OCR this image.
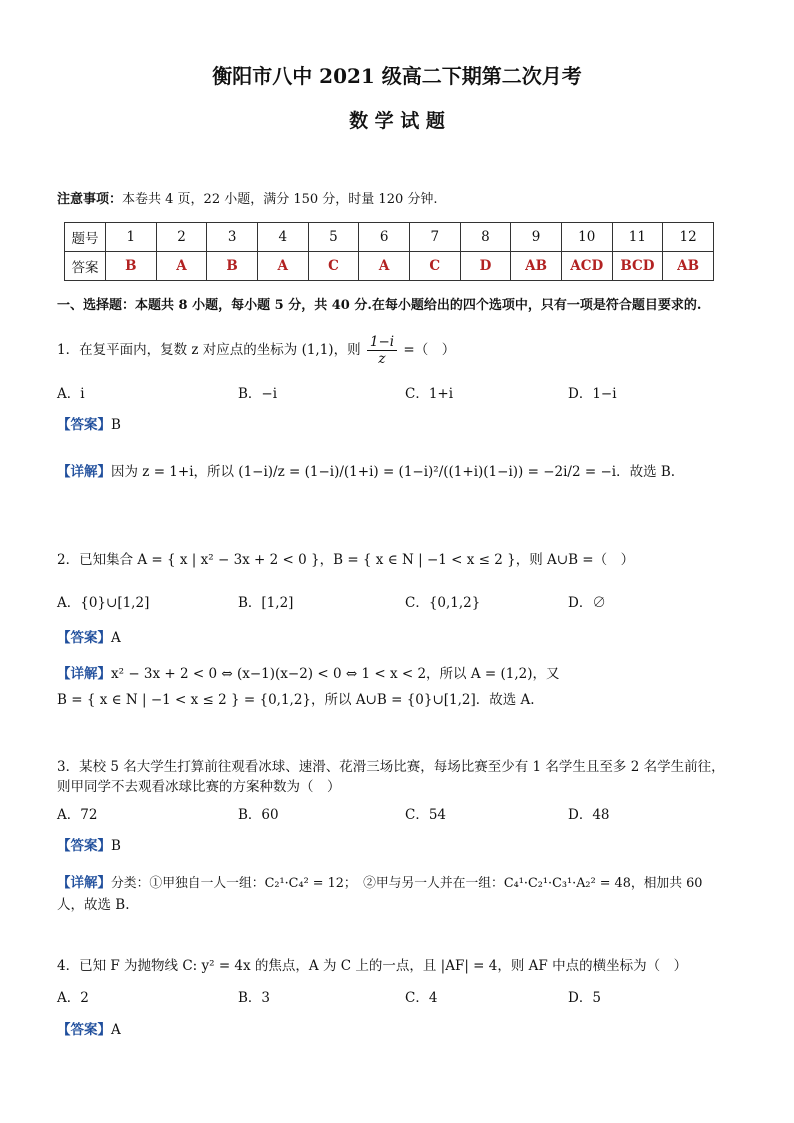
衡阳市八中 2021 级高二下期第二次月考
数 学 试 题
注意事项：本卷共 4 页，22 小题，满分 150 分，时量 120 分钟.
题号	1	2	3	4	5	6	7	8	9	10	11	12
答案	B	A	B	A	C	A	C	D	AB	ACD	BCD	AB
一、选择题：本题共 8 小题，每小题 5 分，共 40 分.在每小题给出的四个选项中，只有一项是符合题目要求的.
1．在复平面内，复数 z 对应点的坐标为 (1,1)，则 $\frac{1-i}{z}$ =（　）
A．i	B．−i	C．1+i	D．1−i
【答案】B
【详解】因为 z = 1+i，所以 (1−i)/z = (1−i)/(1+i) = (1−i)²/((1+i)(1−i)) = −2i/2 = −i．故选 B.
2．已知集合 A = { x | x² − 3x + 2 < 0 }，B = { x ∈ N | −1 < x ≤ 2 }，则 A∪B =（　）
A．{0}∪[1,2]	B．[1,2]	C．{0,1,2}	D．∅
【答案】A
【详解】x² − 3x + 2 < 0 ⇔ (x−1)(x−2) < 0 ⇔ 1 < x < 2，所以 A = (1,2)，又
B = { x ∈ N | −1 < x ≤ 2 } = {0,1,2}，所以 A∪B = {0}∪[1,2]．故选 A.
3．某校 5 名大学生打算前往观看冰球、速滑、花滑三场比赛，每场比赛至少有 1 名学生且至多 2 名学生前往，
则甲同学不去观看冰球比赛的方案种数为（　）
A．72	B．60	C．54	D．48
【答案】B
【详解】分类：①甲独自一人一组：C₂¹·C₄² = 12；　②甲与另一人并在一组：C₄¹·C₂¹·C₃¹·A₂² = 48，相加共 60
人，故选 B.
4．已知 F 为抛物线 C: y² = 4x 的焦点，A 为 C 上的一点，且 |AF| = 4，则 AF 中点的横坐标为（　）
A．2	B．3	C．4	D．5
【答案】A
